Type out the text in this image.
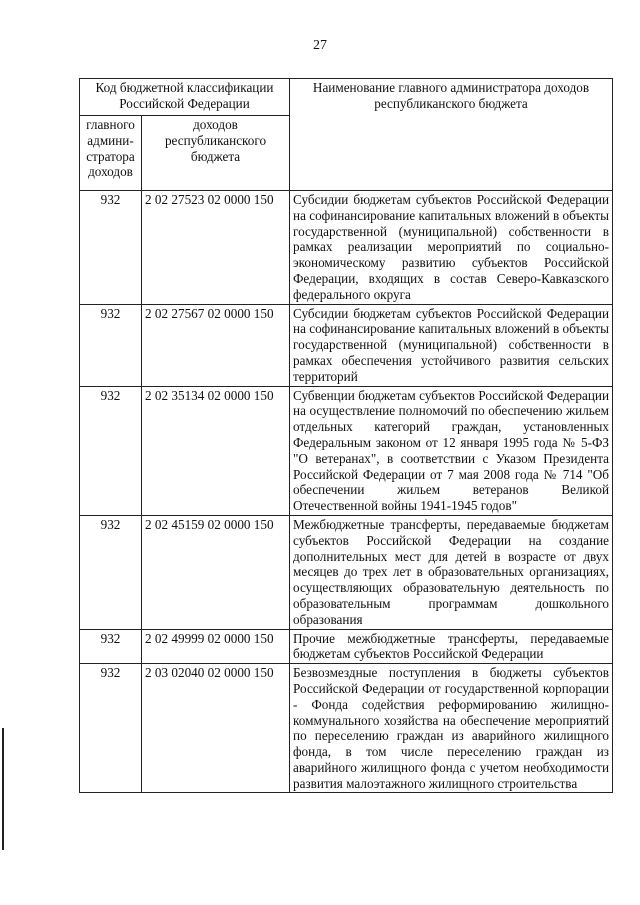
27
Код бюджетной классификации Российской Федерации		Наименование главного администратора доходов республиканского бюджета
главного админи- стратора доходов	доходов республиканского бюджета	
932	2 02 27523 02 0000 150	Субсидии бюджетам субъектов Российской Федерации на софинансирование капитальных вложений в объекты государственной (муниципальной) собственности в рамках реализации мероприятий по социально-экономическому развитию субъектов Российской Федерации, входящих в состав Северо-Кавказского федерального округа
932	2 02 27567 02 0000 150	Субсидии бюджетам субъектов Российской Федерации на софинансирование капитальных вложений в объекты государственной (муниципальной) собственности в рамках обеспечения устойчивого развития сельских территорий
932	2 02 35134 02 0000 150	Субвенции бюджетам субъектов Российской Федерации на осуществление полномочий по обеспечению жильем отдельных категорий граждан, установленных Федеральным законом от 12 января 1995 года № 5-ФЗ "О ветеранах", в соответствии с Указом Президента Российской Федерации от 7 мая 2008 года № 714 "Об обеспечении жильем ветеранов Великой Отечественной войны 1941-1945 годов"
932	2 02 45159 02 0000 150	Межбюджетные трансферты, передаваемые бюджетам субъектов Российской Федерации на создание дополнительных мест для детей в возрасте от двух месяцев до трех лет в образовательных организациях, осуществляющих образовательную деятельность по образовательным программам дошкольного образования
932	2 02 49999 02 0000 150	Прочие межбюджетные трансферты, передаваемые бюджетам субъектов Российской Федерации
932	2 03 02040 02 0000 150	Безвозмездные поступления в бюджеты субъектов Российской Федерации от государственной корпорации - Фонда содействия реформированию жилищно-коммунального хозяйства на обеспечение мероприятий по переселению граждан из аварийного жилищного фонда, в том числе переселению граждан из аварийного жилищного фонда с учетом необходимости развития малоэтажного жилищного строительства
